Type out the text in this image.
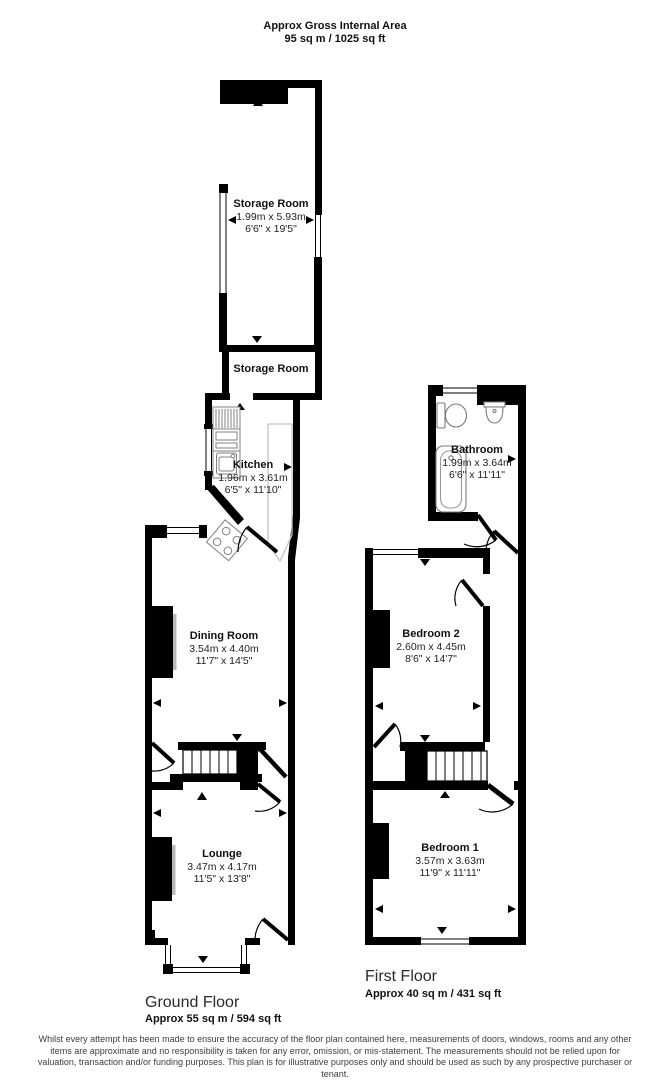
Approx Gross Internal Area
95 sq m / 1025 sq ft
Storage Room
1.99m x 5.93m
6'6" x 19'5"
Storage Room
Kitchen
1.96m x 3.61m
6'5" x 11'10"
Dining Room
3.54m x 4.40m
11'7" x 14'5"
Lounge
3.47m x 4.17m
11'5" x 13'8"
Bathroom
1.99m x 3.64m
6'6" x 11'11"
Bedroom 2
2.60m x 4.45m
8'6" x 14'7"
Bedroom 1
3.57m x 3.63m
11'9" x 11'11"
Ground Floor
Approx 55 sq m / 594 sq ft
First Floor
Approx 40 sq m / 431 sq ft
Whilst every attempt has been made to ensure the accuracy of the floor plan contained here, measurements of doors, windows, rooms and any other items are approximate and no responsibility is taken for any error, omission, or mis-statement. The measurements should not be relied upon for valuation, transaction and/or funding purposes. This plan is for illustrative purposes only and should be used as such by any prospective purchaser or tenant.
